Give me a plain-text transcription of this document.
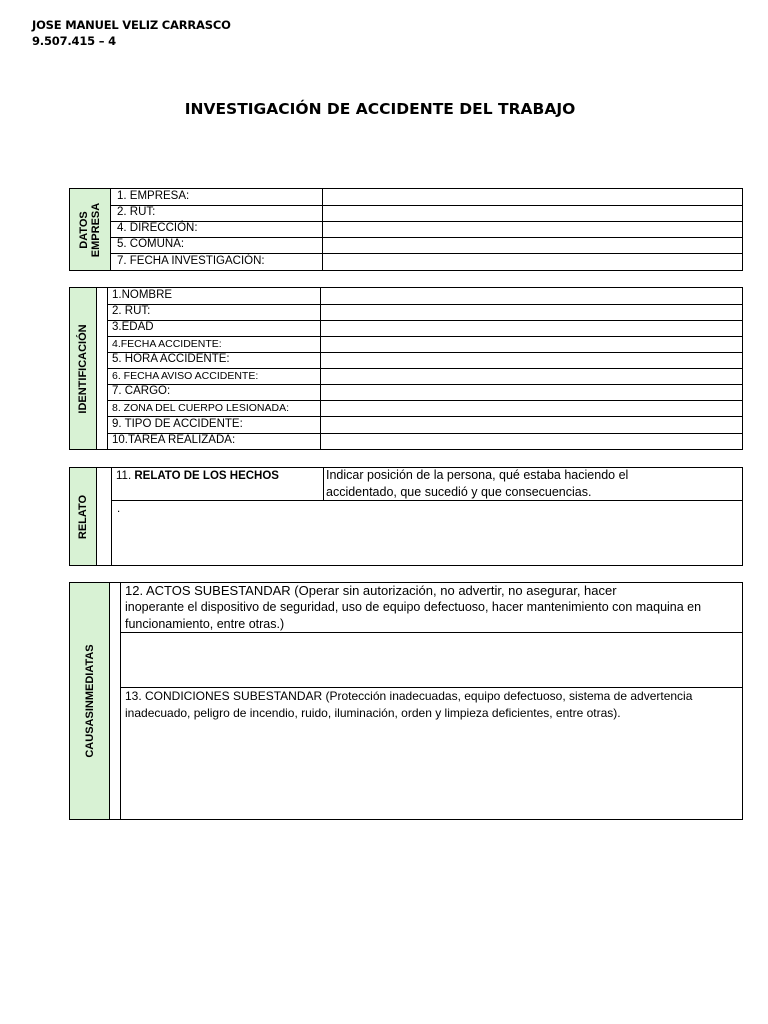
JOSE MANUEL VELIZ CARRASCO
9.507.415 – 4
INVESTIGACIÓN DE ACCIDENTE DEL TRABAJO
DATOS EMPRESA
1. EMPRESA:
2. RUT:
4. DIRECCIÓN:
5. COMUNA:
7. FECHA INVESTIGACIÓN:
IDENTIFICACIÓN
1.NOMBRE
2. RUT:
3.EDAD
4.FECHA ACCIDENTE:
5. HORA ACCIDENTE:
6. FECHA AVISO ACCIDENTE:
7. CARGO:
8. ZONA DEL CUERPO LESIONADA:
9. TIPO DE ACCIDENTE:
10.TAREA REALIZADA:
RELATO
11. RELATO DE LOS HECHOS	Indicar posición de la persona, qué estaba haciendo el accidentado, que sucedió y que consecuencias.
.
CAUSASINMEDIATAS
12. ACTOS SUBESTANDAR (Operar sin autorización, no advertir, no asegurar, hacer
inoperante el dispositivo de seguridad, uso de equipo defectuoso, hacer mantenimiento con maquina en funcionamiento, entre otras.)
13. CONDICIONES SUBESTANDAR (Protección inadecuadas, equipo defectuoso, sistema de advertencia inadecuado, peligro de incendio, ruido, iluminación, orden y limpieza deficientes, entre otras).
